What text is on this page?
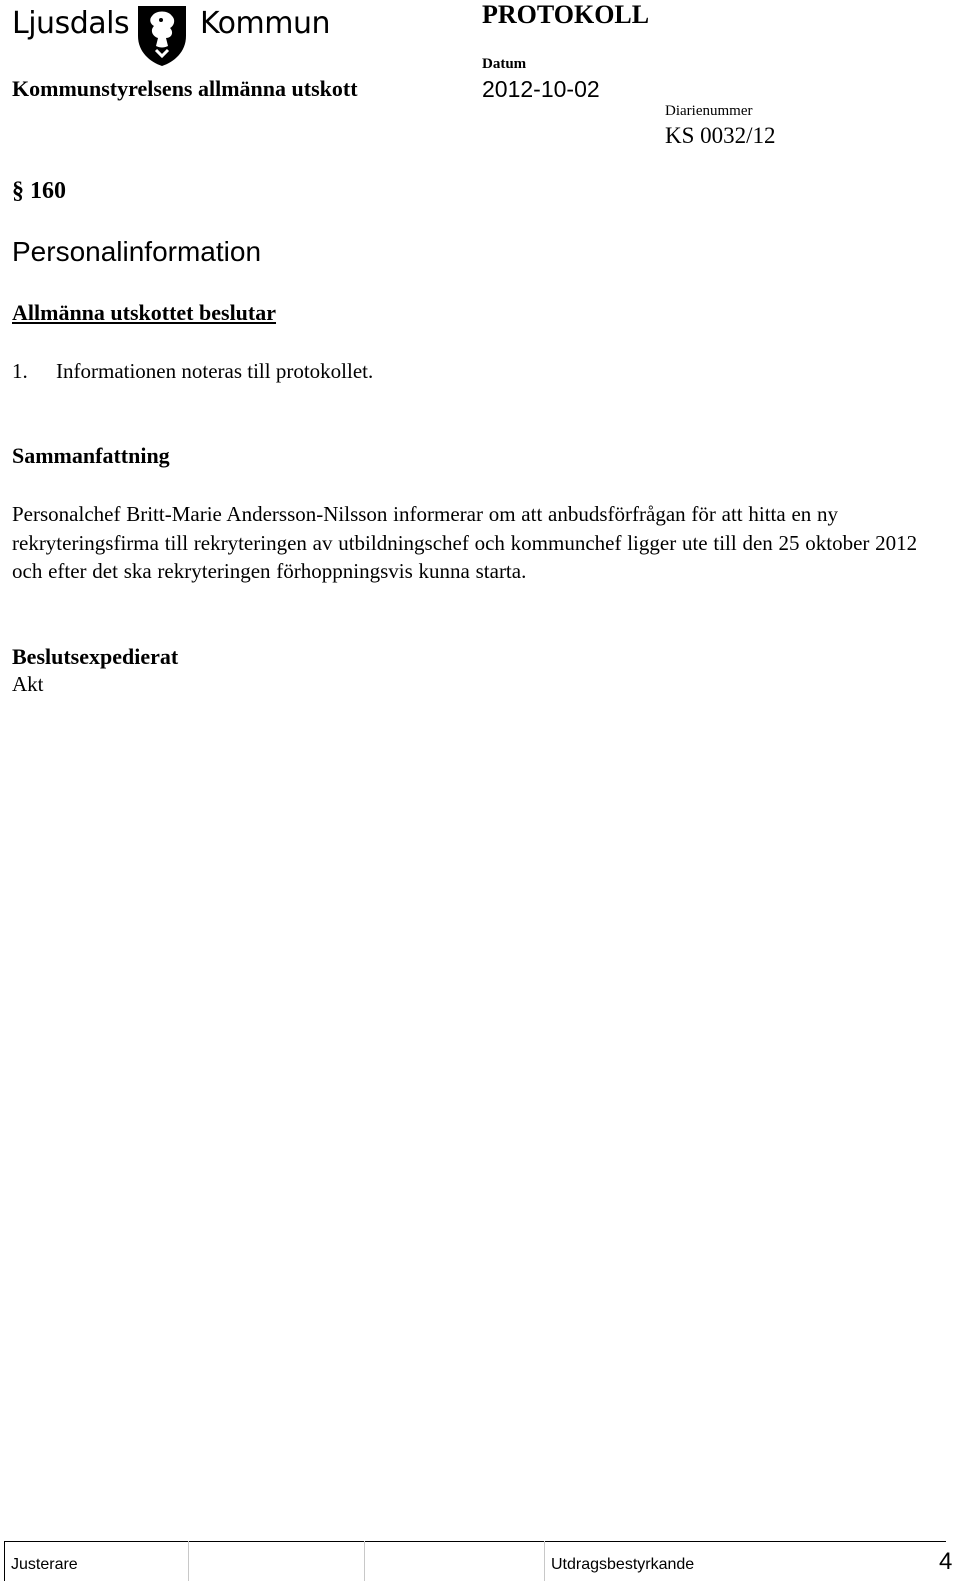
Ljusdals Kommun	PROTOKOLL
Kommunstyrelsens allmänna utskott
Datum
2012-10-02
Diarienummer
KS 0032/12
§ 160
Personalinformation
Allmänna utskottet beslutar
1. Informationen noteras till protokollet.
Sammanfattning
Personalchef Britt-Marie Andersson-Nilsson informerar om att anbudsförfrågan för att hitta en ny rekryteringsfirma till rekryteringen av utbildningschef och kommunchef ligger ute till den 25 oktober 2012 och efter det ska rekryteringen förhoppningsvis kunna starta.
Beslutsexpedierat
Akt
Justerare	Utdragsbestyrkande	4
